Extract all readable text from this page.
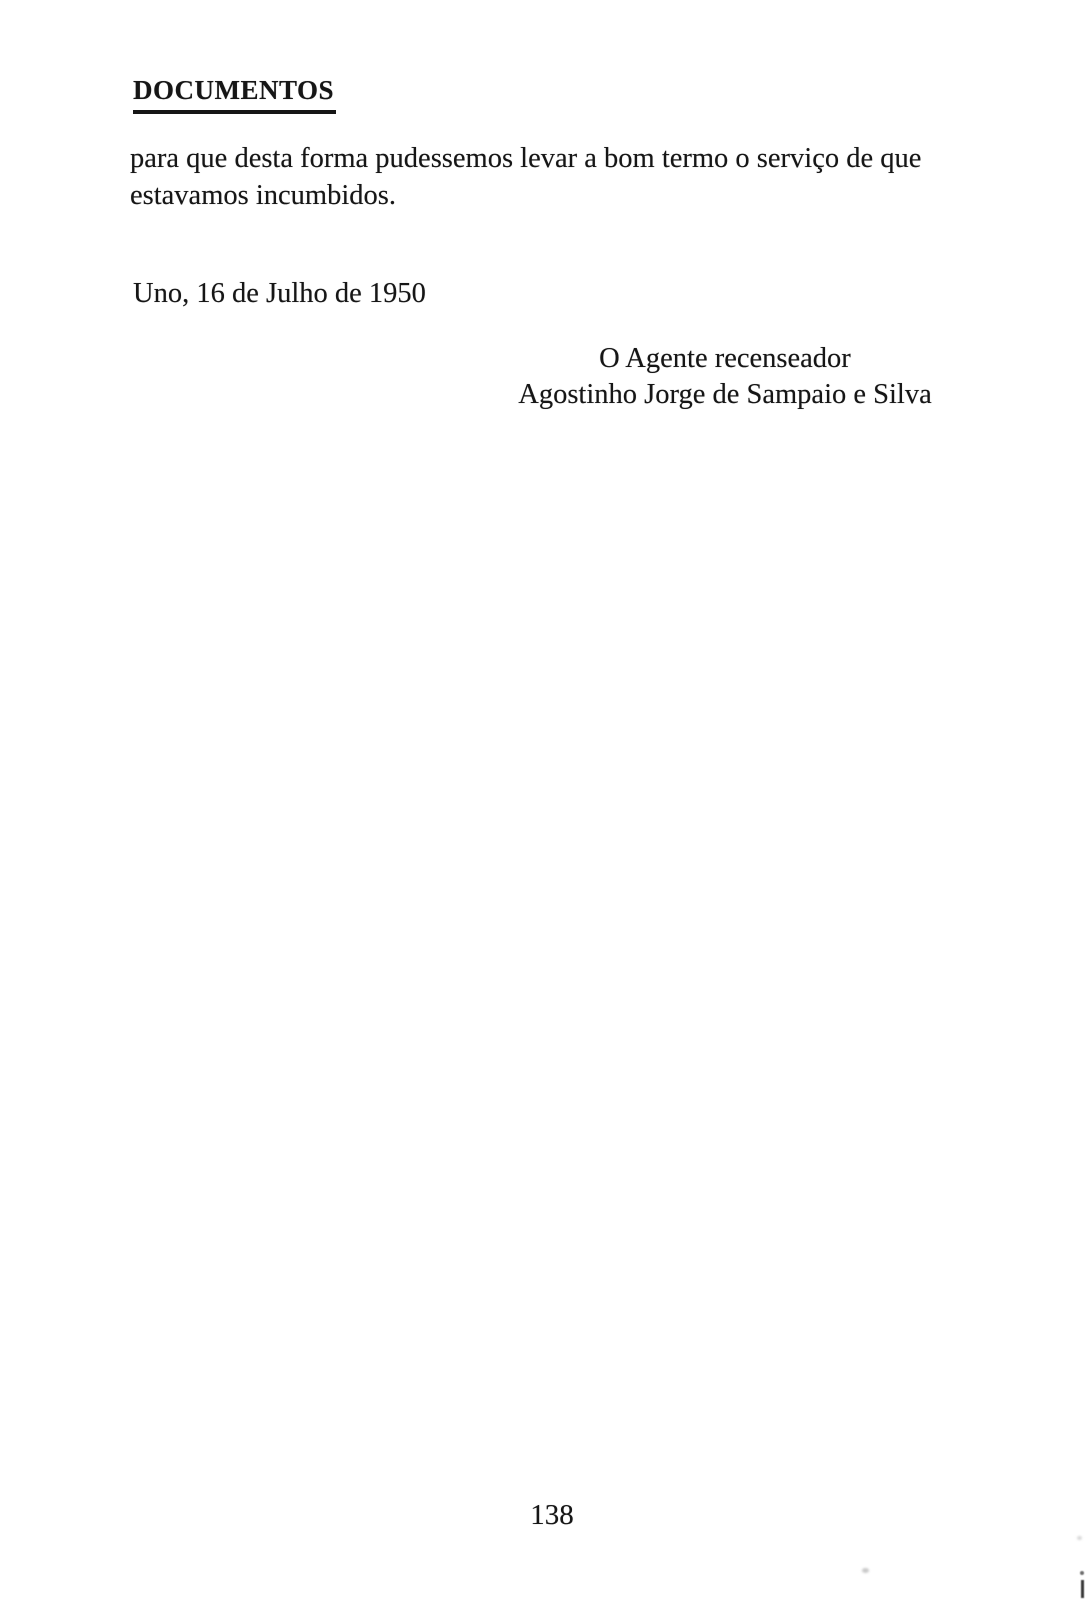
DOCUMENTOS

para que desta forma pudessemos levar a bom termo o serviço de que estavamos incumbidos.

Uno, 16 de Julho de 1950
O Agente recenseador
Agostinho Jorge de Sampaio e Silva
138
